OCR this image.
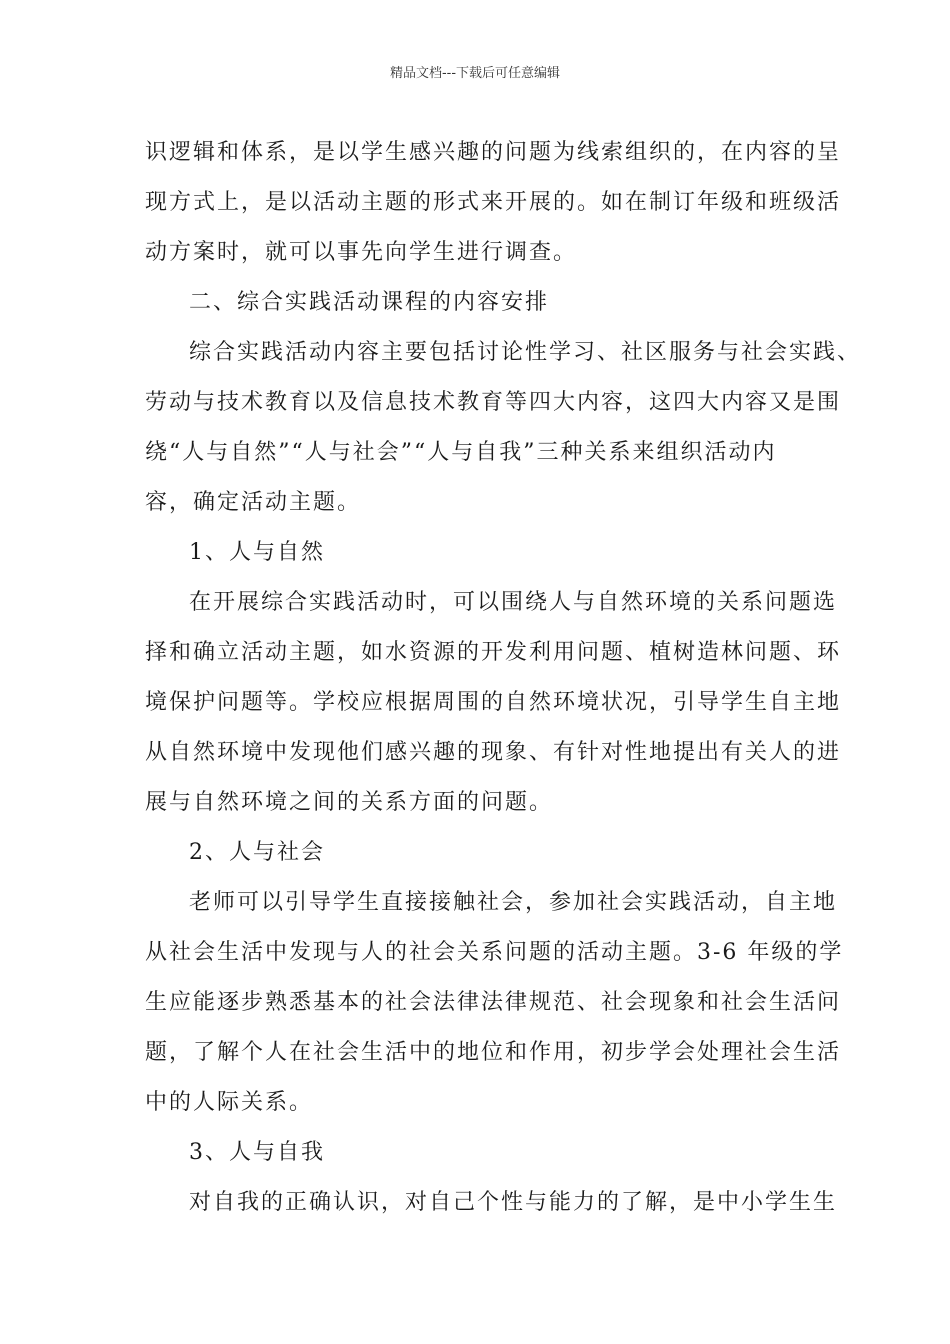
精品文档---下载后可任意编辑

识逻辑和体系，是以学生感兴趣的问题为线索组织的，在内容的呈

现方式上，是以活动主题的形式来开展的。如在制订年级和班级活

动方案时，就可以事先向学生进行调查。

二、综合实践活动课程的内容安排

综合实践活动内容主要包括讨论性学习、社区服务与社会实践、

劳动与技术教育以及信息技术教育等四大内容，这四大内容又是围

绕“人与自然”“人与社会”“人与自我”三种关系来组织活动内

容，确定活动主题。

1、人与自然

在开展综合实践活动时，可以围绕人与自然环境的关系问题选

择和确立活动主题，如水资源的开发利用问题、植树造林问题、环

境保护问题等。学校应根据周围的自然环境状况，引导学生自主地

从自然环境中发现他们感兴趣的现象、有针对性地提出有关人的进

展与自然环境之间的关系方面的问题。

2、人与社会

老师可以引导学生直接接触社会，参加社会实践活动，自主地

从社会生活中发现与人的社会关系问题的活动主题。3-6 年级的学

生应能逐步熟悉基本的社会法律法律规范、社会现象和社会生活问

题，了解个人在社会生活中的地位和作用，初步学会处理社会生活

中的人际关系。

3、人与自我

对自我的正确认识，对自己个性与能力的了解，是中小学生生
